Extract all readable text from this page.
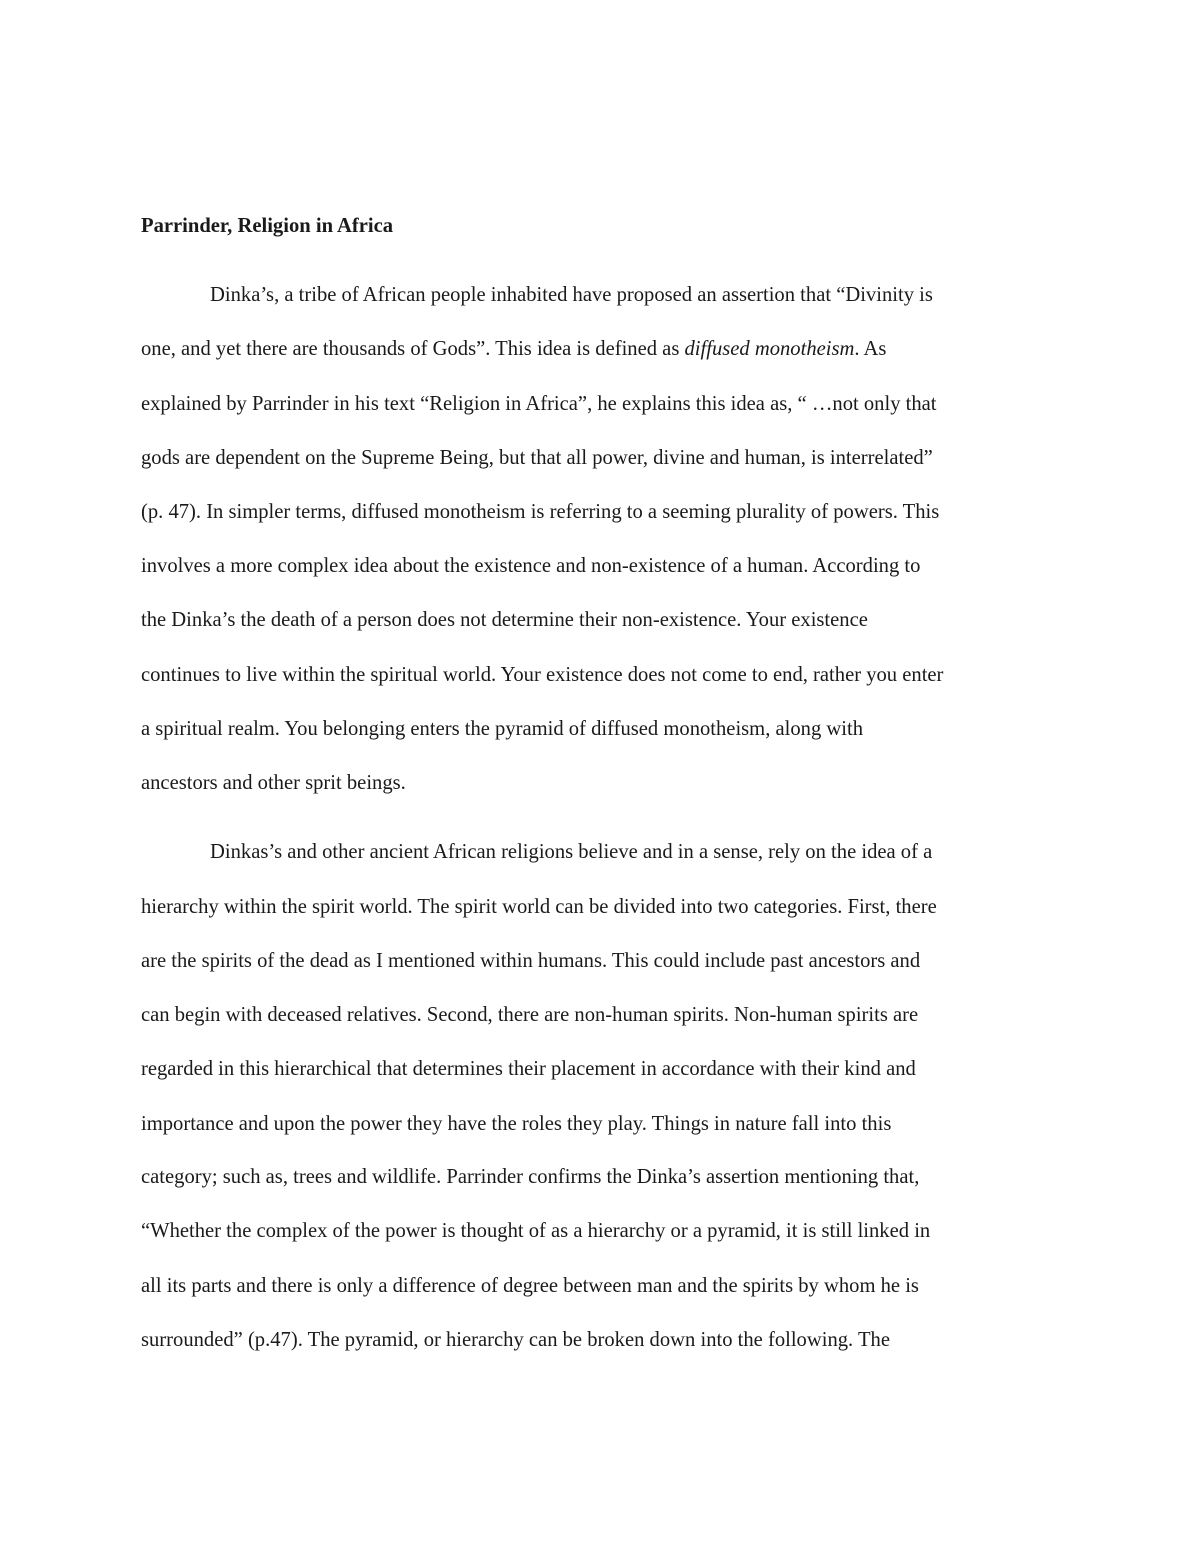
Parrinder, Religion in Africa
Dinka’s, a tribe of African people inhabited have proposed an assertion that “Divinity is
one, and yet there are thousands of Gods”. This idea is defined as diffused monotheism. As
explained by Parrinder in his text “Religion in Africa”, he explains this idea as, “ …not only that
gods are dependent on the Supreme Being, but that all power, divine and human, is interrelated”
(p. 47). In simpler terms, diffused monotheism is referring to a seeming plurality of powers. This
involves a more complex idea about the existence and non-existence of a human. According to
the Dinka’s the death of a person does not determine their non-existence. Your existence
continues to live within the spiritual world. Your existence does not come to end, rather you enter
a spiritual realm. You belonging enters the pyramid of diffused monotheism, along with
ancestors and other sprit beings.
Dinkas’s and other ancient African religions believe and in a sense, rely on the idea of a
hierarchy within the spirit world. The spirit world can be divided into two categories. First, there
are the spirits of the dead as I mentioned within humans. This could include past ancestors and
can begin with deceased relatives. Second, there are non-human spirits. Non-human spirits are
regarded in this hierarchical that determines their placement in accordance with their kind and
importance and upon the power they have the roles they play. Things in nature fall into this
category; such as, trees and wildlife. Parrinder confirms the Dinka’s assertion mentioning that,
“Whether the complex of the power is thought of as a hierarchy or a pyramid, it is still linked in
all its parts and there is only a difference of degree between man and the spirits by whom he is
surrounded” (p.47). The pyramid, or hierarchy can be broken down into the following. The
